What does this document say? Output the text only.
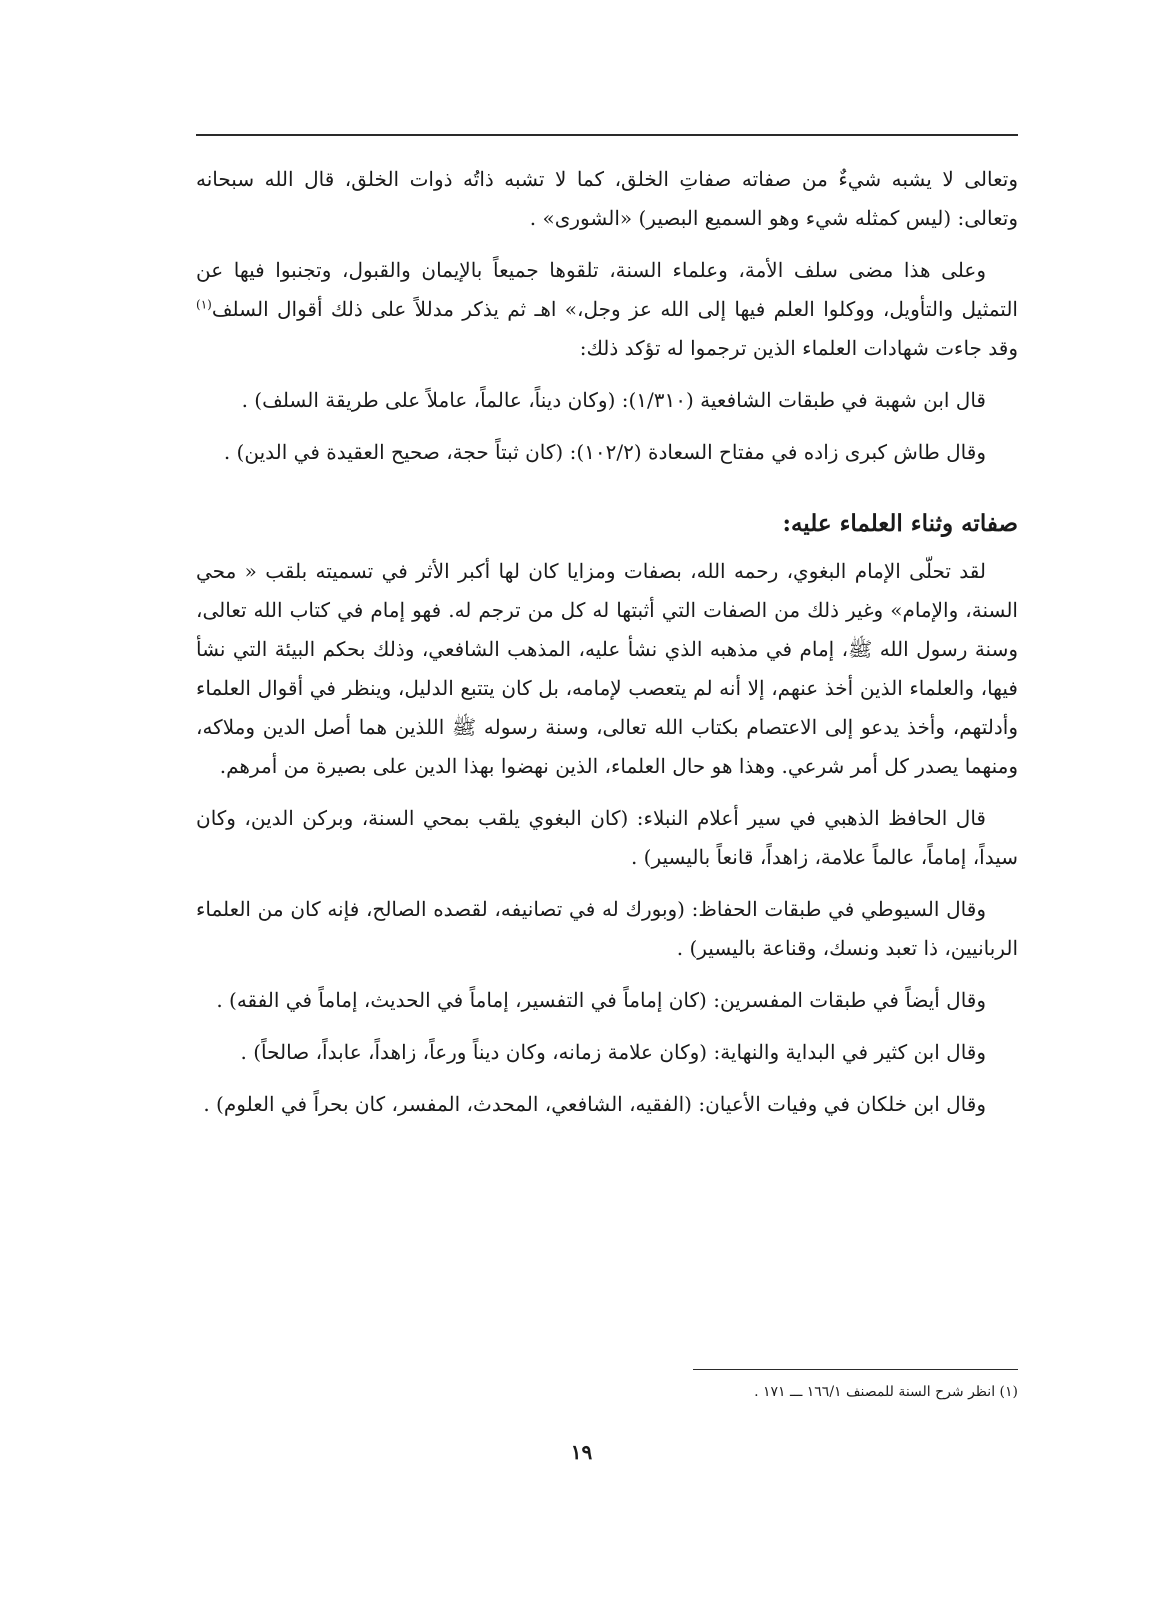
وتعالى لا يشبه شيءٌ من صفاته صفاتِ الخلق، كما لا تشبه ذاتُه ذوات الخلق، قال الله سبحانه وتعالى: (ليس كمثله شيء وهو السميع البصير) «الشورى» .

وعلى هذا مضى سلف الأمة، وعلماء السنة، تلقوها جميعاً بالإيمان والقبول، وتجنبوا فيها عن التمثيل والتأويل، ووكلوا العلم فيها إلى الله عز وجل،» اهـ ثم يذكر مدللاً على ذلك أقوال السلف$^{(١)}$ وقد جاءت شهادات العلماء الذين ترجموا له تؤكد ذلك:

قال ابن شهبة في طبقات الشافعية (١/٣١٠): (وكان ديناً، عالماً، عاملاً على طريقة السلف) .

وقال طاش كبرى زاده في مفتاح السعادة (١٠٢/٢): (كان ثبتاً حجة، صحيح العقيدة في الدين) .

صفاته وثناء العلماء عليه:

لقد تحلّى الإمام البغوي، رحمه الله، بصفات ومزايا كان لها أكبر الأثر في تسميته بلقب « محي السنة، والإمام» وغير ذلك من الصفات التي أثبتها له كل من ترجم له. فهو إمام في كتاب الله تعالى، وسنة رسول الله ﷺ، إمام في مذهبه الذي نشأ عليه، المذهب الشافعي، وذلك بحكم البيئة التي نشأ فيها، والعلماء الذين أخذ عنهم، إلا أنه لم يتعصب لإمامه، بل كان يتتبع الدليل، وينظر في أقوال العلماء وأدلتهم، وأخذ يدعو إلى الاعتصام بكتاب الله تعالى، وسنة رسوله ﷺ اللذين هما أصل الدين وملاكه، ومنهما يصدر كل أمر شرعي. وهذا هو حال العلماء، الذين نهضوا بهذا الدين على بصيرة من أمرهم.

قال الحافظ الذهبي في سير أعلام النبلاء: (كان البغوي يلقب بمحي السنة، وبركن الدين، وكان سيداً، إماماً، عالماً علامة، زاهداً، قانعاً باليسير) .

وقال السيوطي في طبقات الحفاظ: (وبورك له في تصانيفه، لقصده الصالح، فإنه كان من العلماء الربانيين، ذا تعبد ونسك، وقناعة باليسير) .

وقال أيضاً في طبقات المفسرين: (كان إماماً في التفسير، إماماً في الحديث، إماماً في الفقه) .

وقال ابن كثير في البداية والنهاية: (وكان علامة زمانه، وكان ديناً ورعاً، زاهداً، عابداً، صالحاً) .

وقال ابن خلكان في وفيات الأعيان: (الفقيه، الشافعي، المحدث، المفسر، كان بحراً في العلوم) .

(١) انظر شرح السنة للمصنف ١٦٦/١ ـــ ١٧١ .
١٩
